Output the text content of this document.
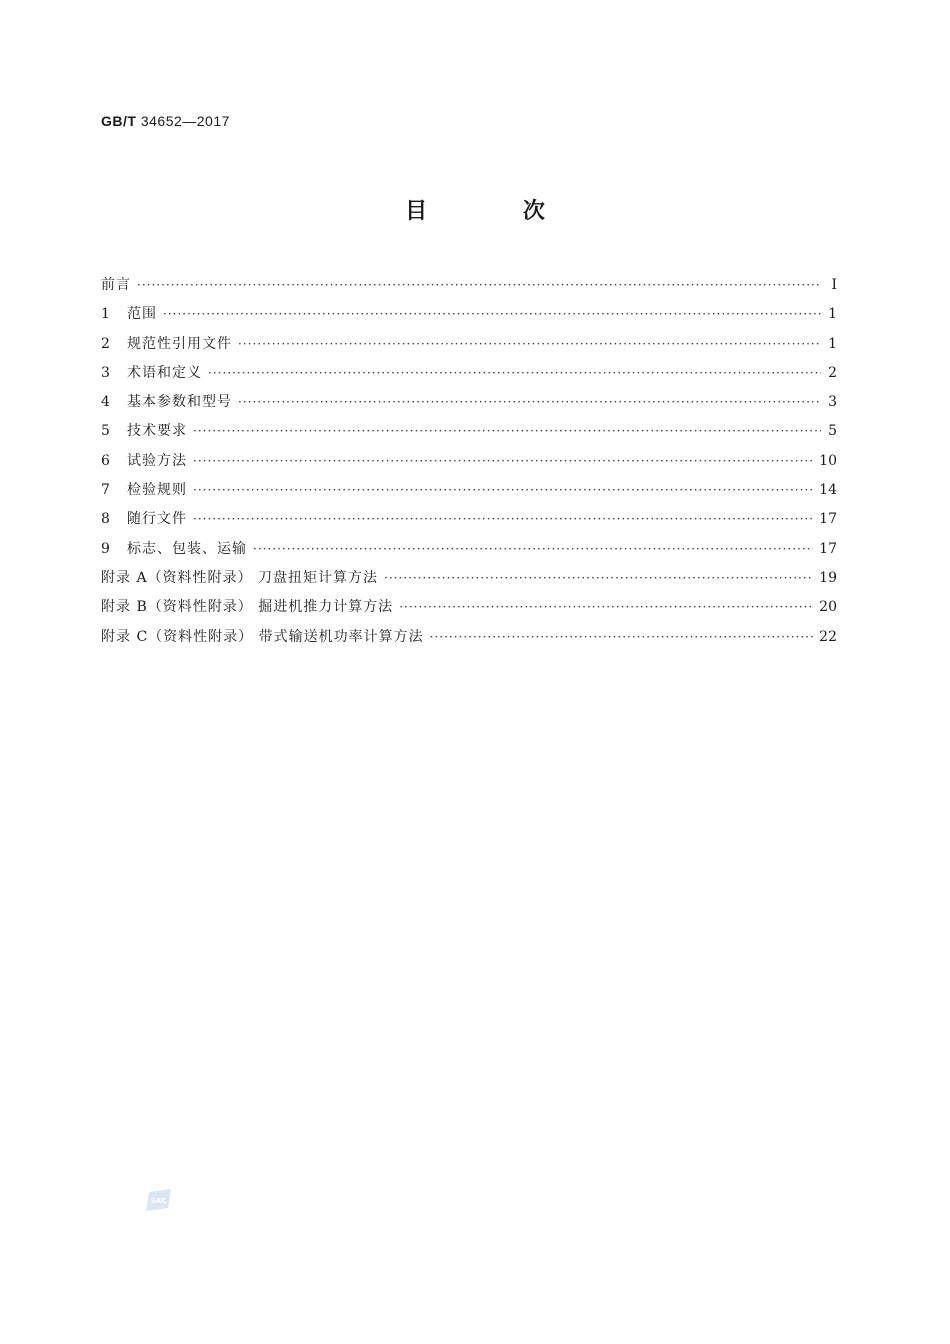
GB/T 34652—2017
目 次
前言 ·····	Ⅰ
1	范围 ·····	1
2	规范性引用文件 ·····	1
3	术语和定义 ·····	2
4	基本参数和型号 ·····	3
5	技术要求 ·····	5
6	试验方法 ·····	10
7	检验规则 ·····	14
8	随行文件 ·····	17
9	标志、包装、运输 ·····	17
附录 A（资料性附录） 刀盘扭矩计算方法 ·····	19
附录 B（资料性附录） 掘进机推力计算方法 ·····	20
附录 C（资料性附录） 带式输送机功率计算方法 ·····	22
SAC
